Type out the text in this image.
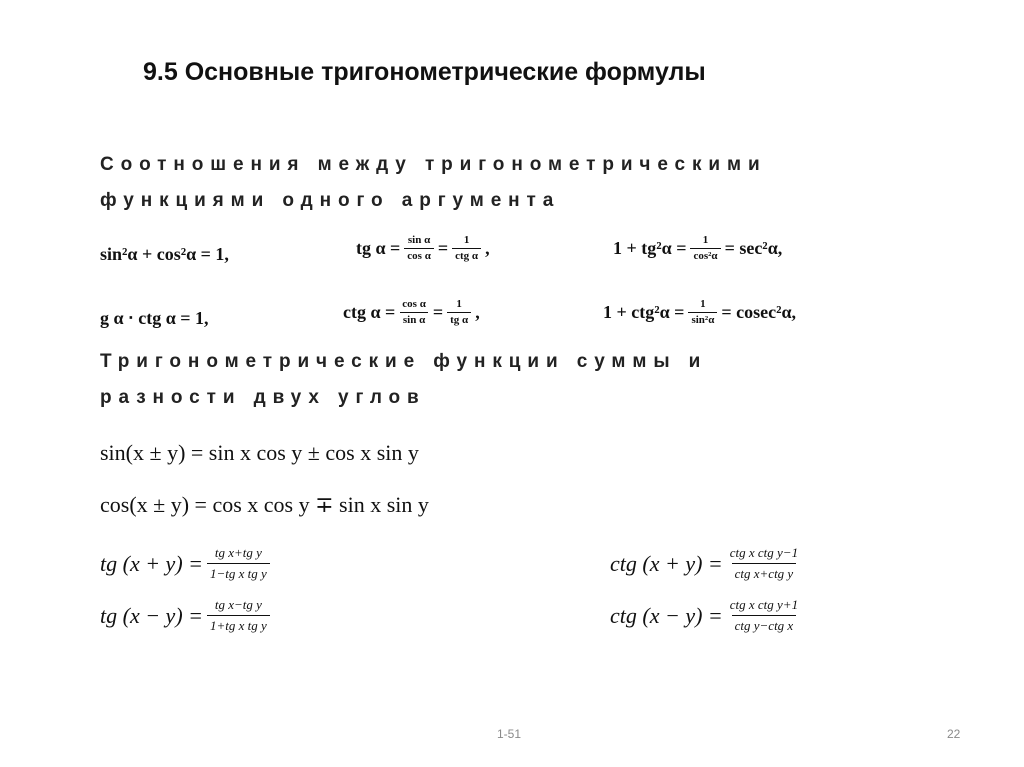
9.5 Основные тригонометрические формулы
Соотношения между тригонометрическими
функциями одного аргумента
sin²α + cos²α = 1,	tg $\alpha = \frac{\text{sin α}}{\text{cos α}} = \frac{1}{\text{ctg α}}$ ,	$1 + tg^2\alpha = \frac{1}{\text{cos²α}} = \sec^2\alpha$,
g α ⋅ ctg α = 1,	ctg $\alpha = \frac{\text{cos α}}{\text{sin α}} = \frac{1}{\text{tg α}}$ ,	$1 + ctg^2\alpha = \frac{1}{\text{sin²α}} = cosec^2\alpha$,
Тригонометрические функции суммы и
разности двух углов
sin(x ± y) = sin x cos y ± cos x sin y
cos(x ± y) = cos x cos y ∓ sin x sin y
tg $(x + y) = \frac{\text{tg x+tg y}}{\text{1−tg x tg y}}$
tg $(x - y) = \frac{\text{tg x−tg y}}{\text{1+tg x tg y}}$
ctg $(x + y) = \frac{\text{ctg x ctg y−1}}{\text{ctg x+ctg y}}$
ctg $(x - y) = \frac{\text{ctg x ctg y+1}}{\text{ctg y−ctg x}}$
1-51	22
